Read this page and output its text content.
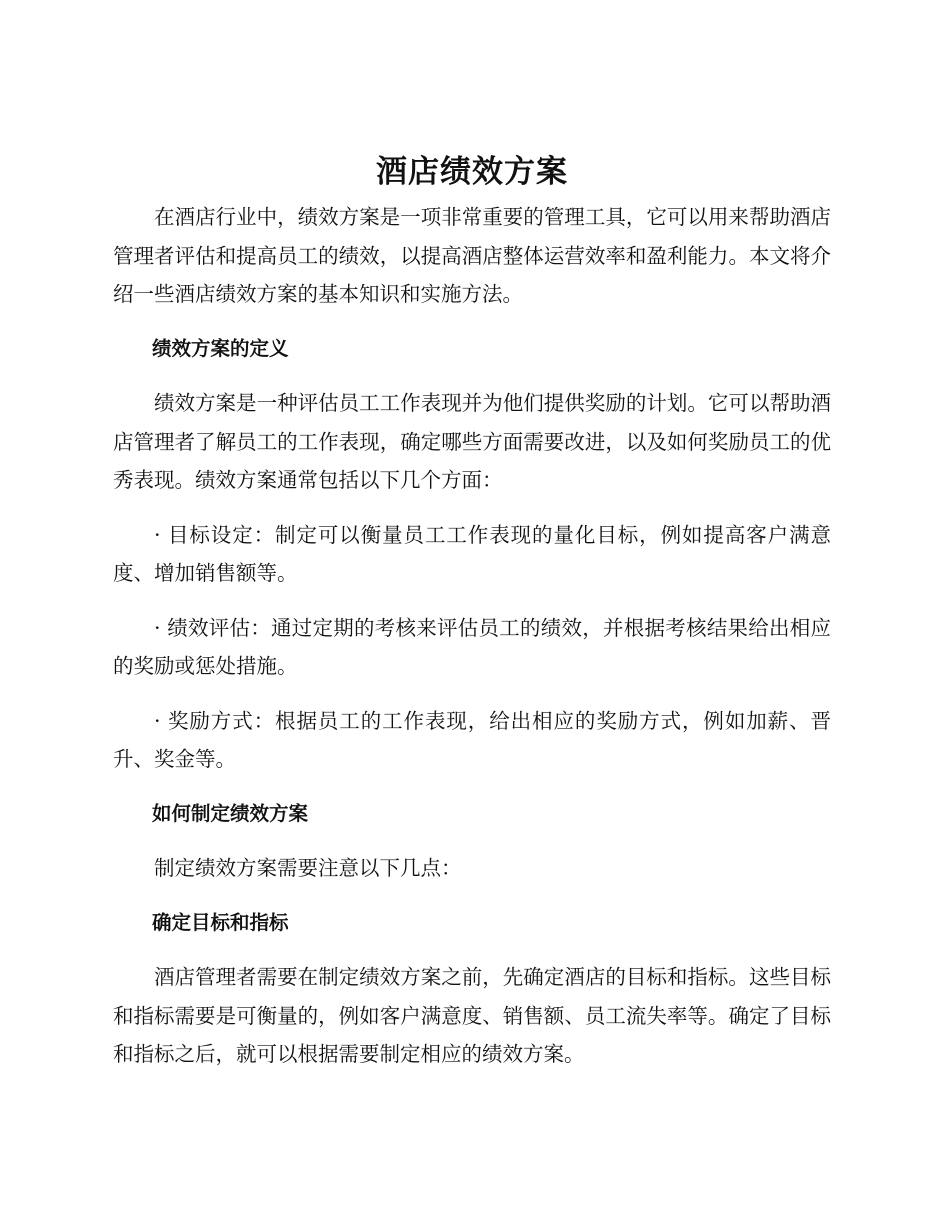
酒店绩效方案

在酒店行业中，绩效方案是一项非常重要的管理工具，它可以用来帮助酒店管理者评估和提高员工的绩效，以提高酒店整体运营效率和盈利能力。本文将介绍一些酒店绩效方案的基本知识和实施方法。

绩效方案的定义

绩效方案是一种评估员工工作表现并为他们提供奖励的计划。它可以帮助酒店管理者了解员工的工作表现，确定哪些方面需要改进，以及如何奖励员工的优秀表现。绩效方案通常包括以下几个方面：

· 目标设定：制定可以衡量员工工作表现的量化目标，例如提高客户满意度、增加销售额等。

· 绩效评估：通过定期的考核来评估员工的绩效，并根据考核结果给出相应的奖励或惩处措施。

· 奖励方式：根据员工的工作表现，给出相应的奖励方式，例如加薪、晋升、奖金等。

如何制定绩效方案

制定绩效方案需要注意以下几点：

确定目标和指标

酒店管理者需要在制定绩效方案之前，先确定酒店的目标和指标。这些目标和指标需要是可衡量的，例如客户满意度、销售额、员工流失率等。确定了目标和指标之后，就可以根据需要制定相应的绩效方案。
